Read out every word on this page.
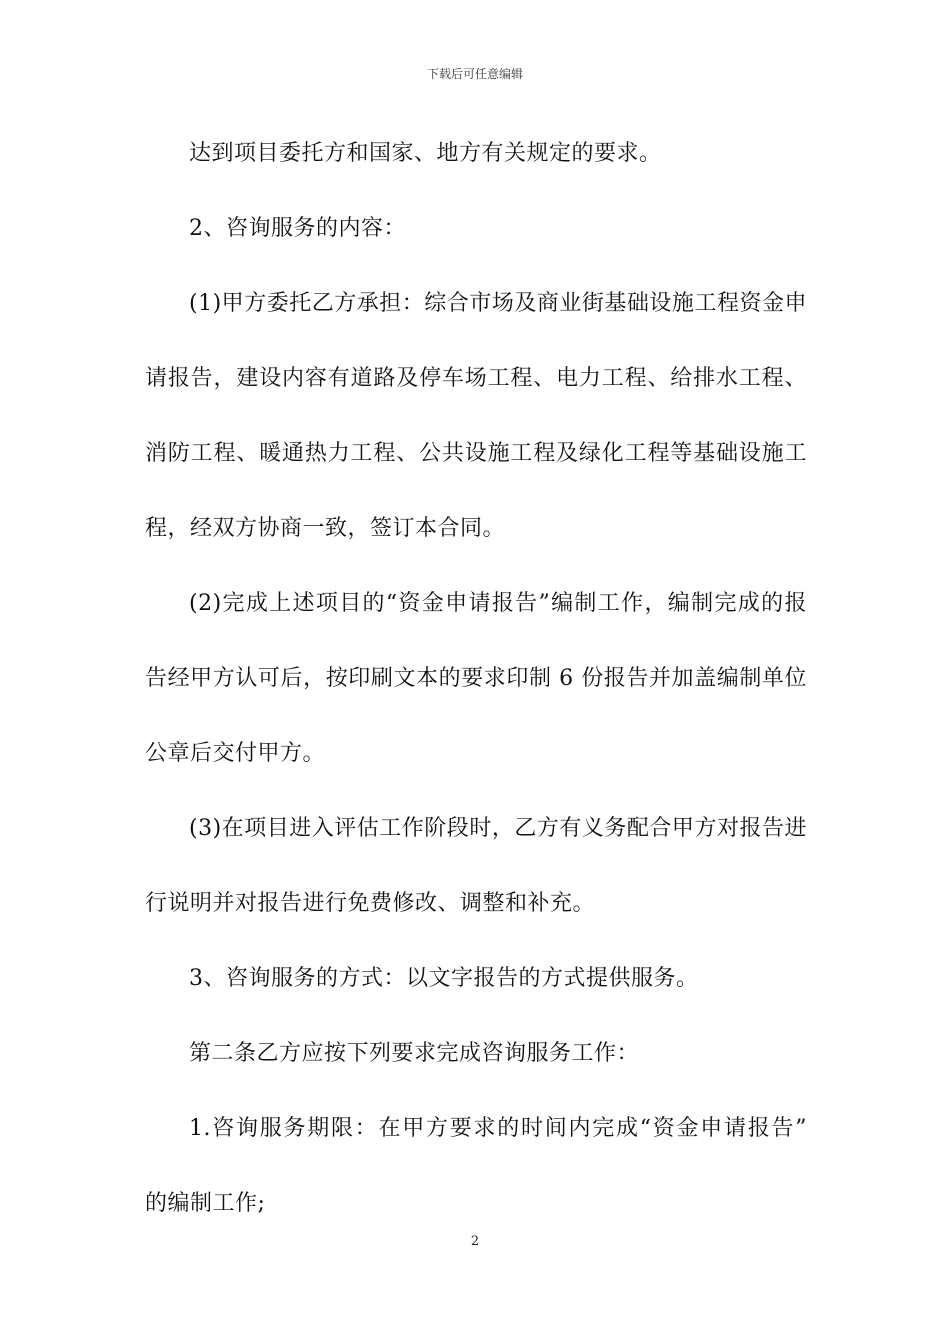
下载后可任意编辑
达到项目委托方和国家、地方有关规定的要求。
2、咨询服务的内容：
(1)甲方委托乙方承担：综合市场及商业街基础设施工程资金申
请报告，建设内容有道路及停车场工程、电力工程、给排水工程、
消防工程、暖通热力工程、公共设施工程及绿化工程等基础设施工
程，经双方协商一致，签订本合同。
(2)完成上述项目的“资金申请报告”编制工作，编制完成的报
告经甲方认可后，按印刷文本的要求印制 6 份报告并加盖编制单位
公章后交付甲方。
(3)在项目进入评估工作阶段时，乙方有义务配合甲方对报告进
行说明并对报告进行免费修改、调整和补充。
3、咨询服务的方式：以文字报告的方式提供服务。
第二条乙方应按下列要求完成咨询服务工作：
1.咨询服务期限：在甲方要求的时间内完成“资金申请报告”
的编制工作;
2
